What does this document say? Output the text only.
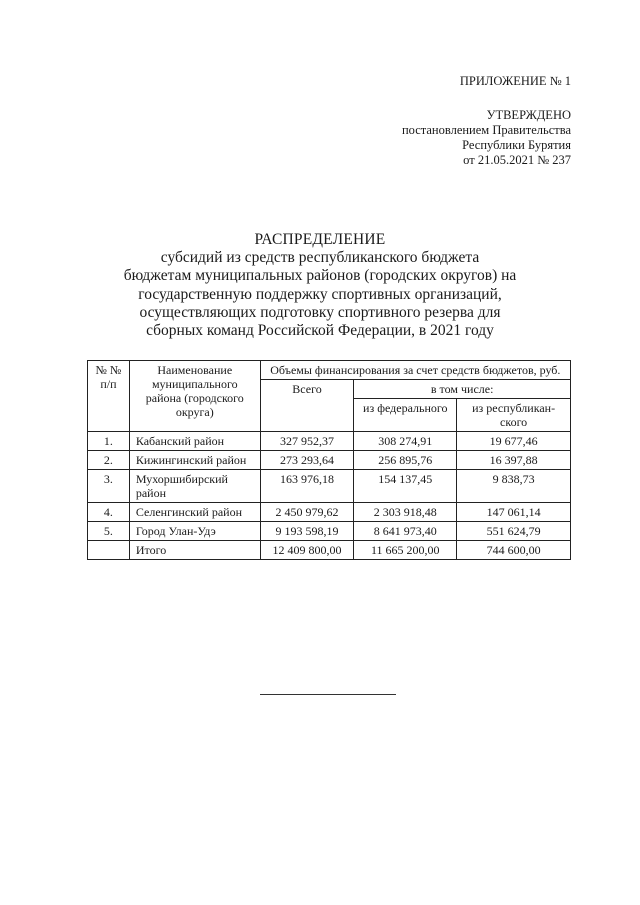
ПРИЛОЖЕНИЕ № 1
УТВЕРЖДЕНО
постановлением Правительства
Республики Бурятия
от 21.05.2021 № 237
РАСПРЕДЕЛЕНИЕ
субсидий из средств республиканского бюджета
бюджетам муниципальных районов (городских округов) на
государственную поддержку спортивных организаций,
осуществляющих подготовку спортивного резерва для
сборных команд Российской Федерации, в 2021 году
№ №
п/п	Наименование муниципального района (городского округа)	Объемы финансирования за счет средств бюджетов, руб.		
		Всего	в том числе:	
			из федерального	из республикан-ского
1.	Кабанский район	327 952,37	308 274,91	19 677,46
2.	Кижингинский район	273 293,64	256 895,76	16 397,88
3.	Мухоршибирский район	163 976,18	154 137,45	9 838,73
4.	Селенгинский район	2 450 979,62	2 303 918,48	147 061,14
5.	Город Улан-Удэ	9 193 598,19	8 641 973,40	551 624,79
	Итого	12 409 800,00	11 665 200,00	744 600,00
